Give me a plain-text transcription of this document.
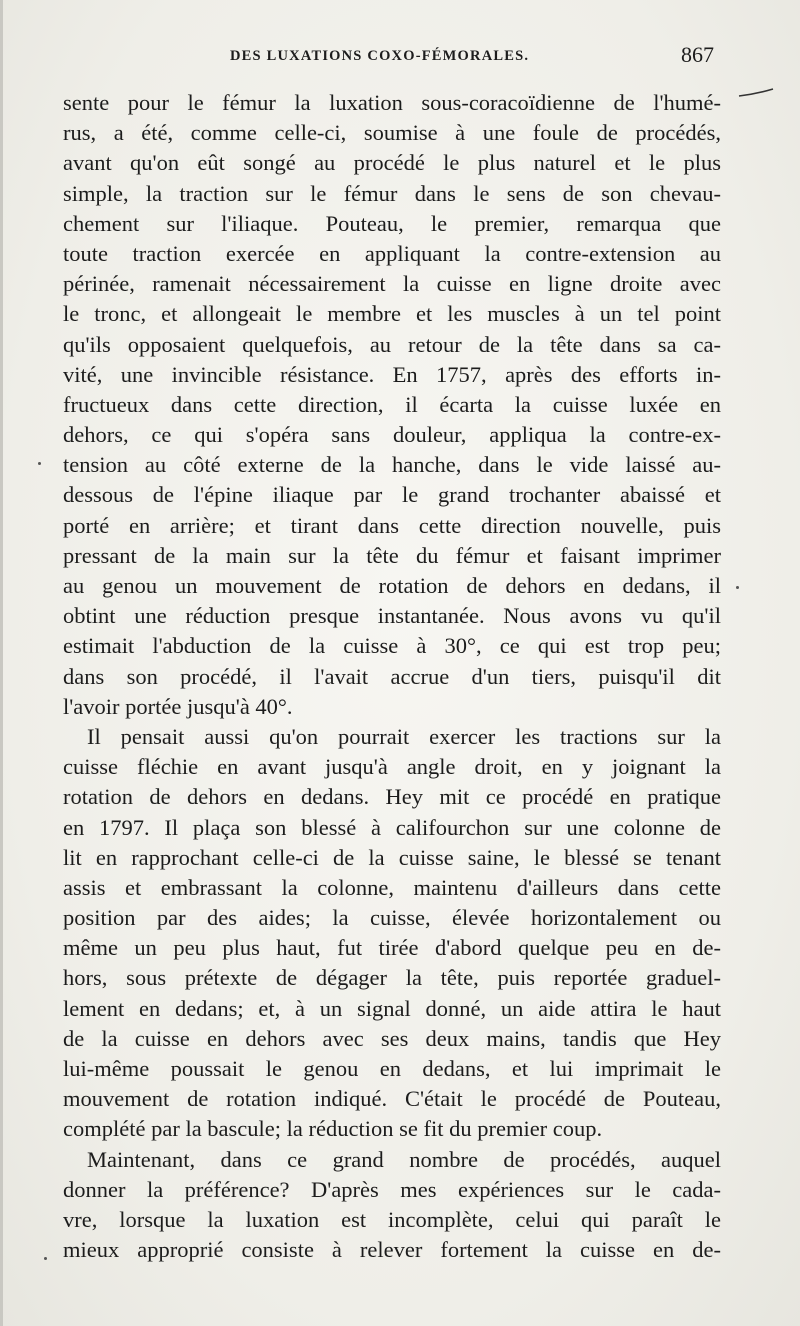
DES LUXATIONS COXO-FÉMORALES.	867
sente pour le fémur la luxation sous-coracoïdienne de l'humé-
rus, a été, comme celle-ci, soumise à une foule de procédés,
avant qu'on eût songé au procédé le plus naturel et le plus
simple, la traction sur le fémur dans le sens de son chevau-
chement sur l'iliaque. Pouteau, le premier, remarqua que
toute traction exercée en appliquant la contre-extension au
périnée, ramenait nécessairement la cuisse en ligne droite avec
le tronc, et allongeait le membre et les muscles à un tel point
qu'ils opposaient quelquefois, au retour de la tête dans sa ca-
vité, une invincible résistance. En 1757, après des efforts in-
fructueux dans cette direction, il écarta la cuisse luxée en
dehors, ce qui s'opéra sans douleur, appliqua la contre-ex-
tension au côté externe de la hanche, dans le vide laissé au-
dessous de l'épine iliaque par le grand trochanter abaissé et
porté en arrière; et tirant dans cette direction nouvelle, puis
pressant de la main sur la tête du fémur et faisant imprimer
au genou un mouvement de rotation de dehors en dedans, il
obtint une réduction presque instantanée. Nous avons vu qu'il
estimait l'abduction de la cuisse à 30°, ce qui est trop peu;
dans son procédé, il l'avait accrue d'un tiers, puisqu'il dit
l'avoir portée jusqu'à 40°.
Il pensait aussi qu'on pourrait exercer les tractions sur la
cuisse fléchie en avant jusqu'à angle droit, en y joignant la
rotation de dehors en dedans. Hey mit ce procédé en pratique
en 1797. Il plaça son blessé à califourchon sur une colonne de
lit en rapprochant celle-ci de la cuisse saine, le blessé se tenant
assis et embrassant la colonne, maintenu d'ailleurs dans cette
position par des aides; la cuisse, élevée horizontalement ou
même un peu plus haut, fut tirée d'abord quelque peu en de-
hors, sous prétexte de dégager la tête, puis reportée graduel-
lement en dedans; et, à un signal donné, un aide attira le haut
de la cuisse en dehors avec ses deux mains, tandis que Hey
lui-même poussait le genou en dedans, et lui imprimait le
mouvement de rotation indiqué. C'était le procédé de Pouteau,
complété par la bascule; la réduction se fit du premier coup.
Maintenant, dans ce grand nombre de procédés, auquel
donner la préférence? D'après mes expériences sur le cada-
vre, lorsque la luxation est incomplète, celui qui paraît le
mieux approprié consiste à relever fortement la cuisse en de-
